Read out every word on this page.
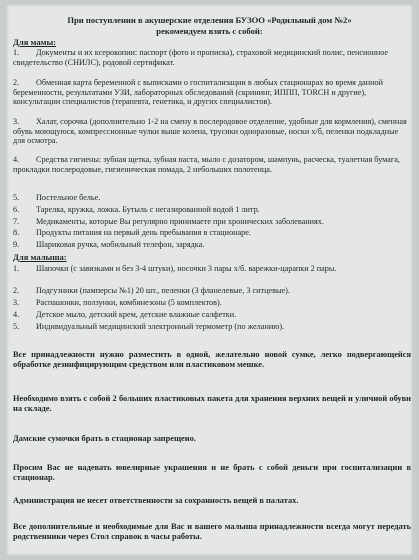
При поступлении в акушерские отделения БУЗОО «Родильный дом №2»
рекомендуем взять с собой:
Для мамы:

1. Документы и их ксерокопии: паспорт (фото и прописка), страховой медицинский полис, пенсионное свидетельство (СНИЛС), родовой сертификат.

2. Обменная карта беременной с выписками о госпитализации в любых стационарах во время данной беременности, результатами УЗИ, лабораторных обследований (скрининг, ИППП, TORCH и другие), консультации специалистов (терапевта, генетика, и других специалистов).

3. Халат, сорочка (дополнительно 1-2 на смену в послеродовое отделение, удобные для кормления), сменная обувь моющуюся, компрессионные чулки выше колена, трусики одноразовые, носки х/б, пеленки подкладные для осмотра.

4. Средства гигиены: зубная щетка, зубная паста, мыло с дозатором, шампунь, расческа, туалетная бумага, прокладки послеродовые, гигиеническая помада, 2 небольших полотенца.

5. Постельное белье.

6. Тарелка, кружка, ложка. Бутыль с негазированной водой 1 литр.

7. Медикаменты, которые Вы регулярно принимаете при хронических заболеваниях.

8. Продукты питания на первый день пребывания в стационаре.

9. Шариковая ручка, мобильный телефон, зарядка.

Для малыша:

1. Шапочки (с завязками и без 3-4 штуки), носочки 3 пары х/б. варежки-царапки 2 пары.

2. Подгузники (памперсы №1) 20 шт., пеленки (3 фланелевые, 3 ситцевые).

3. Распашонки, ползунки, комбинезоны (5 комплектов).

4. Детское мыло, детский крем, детские влажные салфетки.

5. Индивидуальный медицинский электронный термометр (по желанию).

Все принадлежности нужно разместить в одной, желательно новой сумке, легко подвергающейся обработке дезинфицирующим средством или пластиковом мешке.

Необходимо взять с собой 2 больших пластиковых пакета для хранения верхних вещей и уличной обуви на складе.

Дамские сумочки брать в стационар запрещено.

Просим Вас не надевать ювелирные украшения и не брать с собой деньги при госпитализации в стационар.

Администрация не несет ответственности за сохранность вещей в палатах.

Все дополнительные и необходимые для Вас и вашего малыша принадлежности всегда могут передать родственники через Стол справок в часы работы.
